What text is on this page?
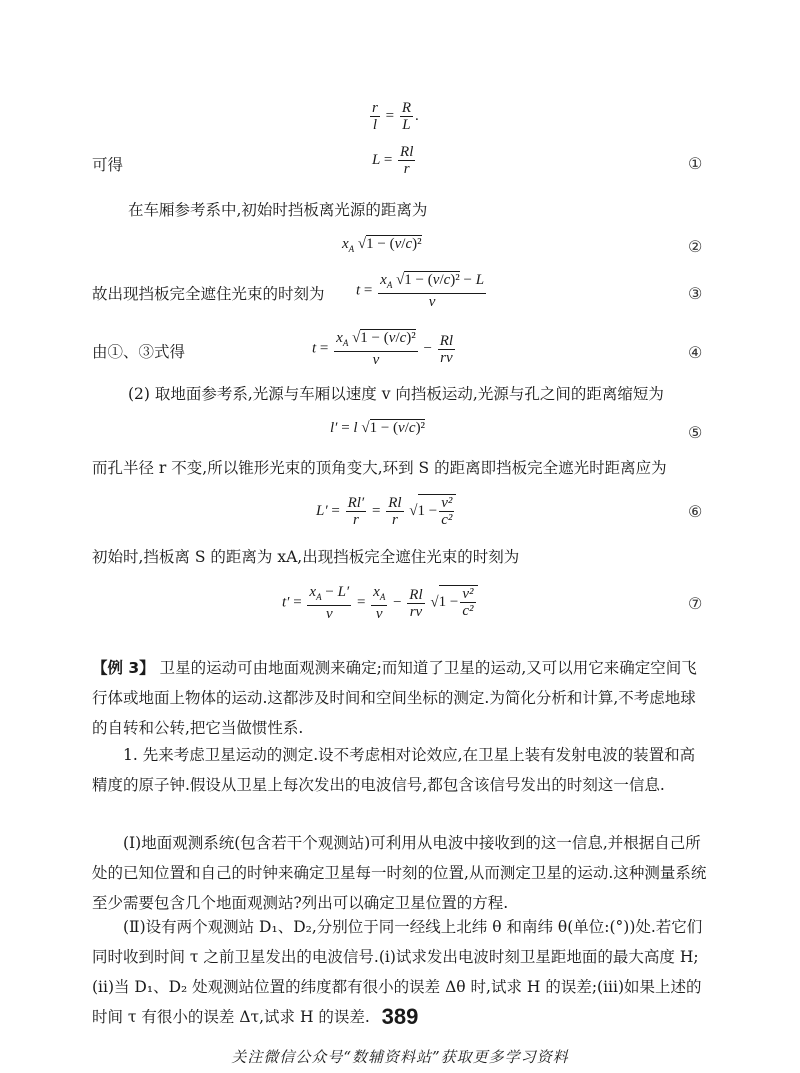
$\frac{r}{l} = \frac{R}{L}$ .
可得	$L = \frac{Rl}{r}$	①
在车厢参考系中,初始时挡板离光源的距离为
$x_A$ √1 − (v/c)²	②
故出现挡板完全遮住光束的时刻为 $t = \frac{x_A √1 - (v/c)^2 - L}{v}$	③
由①、③式得	$t = \frac{x_A √1 - (v/c)^2}{v} - \frac{Rl}{rv}$	④
(2) 取地面参考系,光源与车厢以速度 v 向挡板运动,光源与孔之间的距离缩短为
l′ = l √1 − (v/c)²	⑤
而孔半径 r 不变,所以锥形光束的顶角变大,环到 S 的距离即挡板完全遮光时距离应为
$L' = \frac{Rl'}{r} = \frac{Rl}{r} √1 - \frac{\text{v²}}{\text{c²}}$	⑥
初始时,挡板离 S 的距离为 xA,出现挡板完全遮住光束的时刻为
$t' = \frac{x_A - L'}{v} = \frac{x_A}{v} - \frac{Rl}{rv} √1 - \frac{\text{v²}}{\text{c²}}$	⑦
【例 3】 卫星的运动可由地面观测来确定;而知道了卫星的运动,又可以用它来确定空间飞行体或地面上物体的运动.这都涉及时间和空间坐标的测定.为简化分析和计算,不考虑地球的自转和公转,把它当做惯性系.
1. 先来考虑卫星运动的测定.设不考虑相对论效应,在卫星上装有发射电波的装置和高精度的原子钟.假设从卫星上每次发出的电波信号,都包含该信号发出的时刻这一信息.
(Ⅰ)地面观测系统(包含若干个观测站)可利用从电波中接收到的这一信息,并根据自己所处的已知位置和自己的时钟来确定卫星每一时刻的位置,从而测定卫星的运动.这种测量系统至少需要包含几个地面观测站?列出可以确定卫星位置的方程.
(Ⅱ)设有两个观测站 D₁、D₂,分别位于同一经线上北纬 θ 和南纬 θ(单位:(°))处.若它们同时收到时间 τ 之前卫星发出的电波信号.(i)试求发出电波时刻卫星距地面的最大高度 H;(ii)当 D₁、D₂ 处观测站位置的纬度都有很小的误差 Δθ 时,试求 H 的误差;(iii)如果上述的时间 τ 有很小的误差 Δτ,试求 H 的误差. 389
关注微信公众号“数辅资料站”获取更多学习资料
